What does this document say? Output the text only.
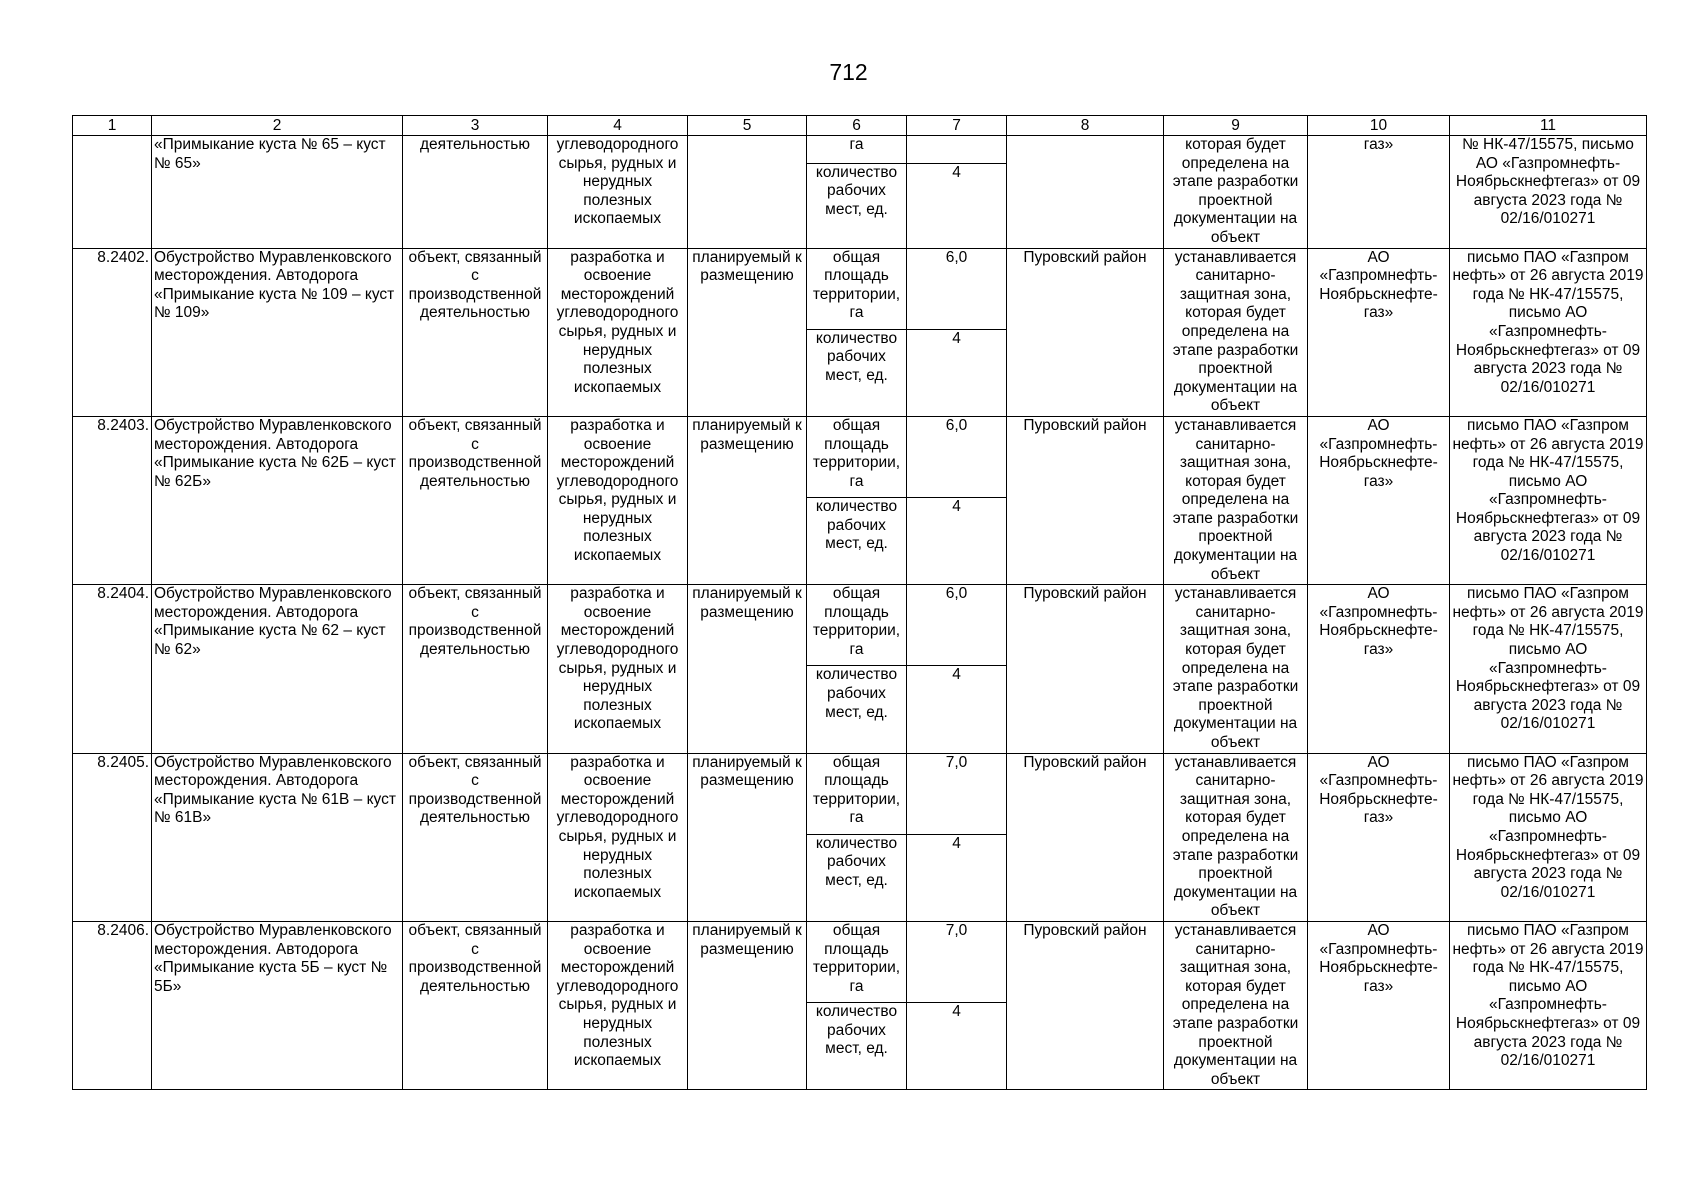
712
1	2	3	4	5	6	7	8	9	10	11
	«Примыкание куста № 65 – куст № 65»	деятельностью	углеводородного сырья, рудных и нерудных полезных ископаемых		га			которая будет определена на этапе разработки проектной документации на объект	газ»	№ НК-47/15575, письмо АО «Газпромнефть-Ноябрьскнефтегаз» от 09 августа 2023 года № 02/16/010271
					количество рабочих мест, ед.	4				
8.2402.	Обустройство Муравленковского месторождения. Автодорога «Примыкание куста № 109 – куст № 109»	объект, связанный с производственной деятельностью	разработка и освоение месторождений углеводородного сырья, рудных и нерудных полезных ископаемых	планируемый к размещению	общая площадь территории, га	6,0	Пуровский район	устанавливается санитарно-защитная зона, которая будет определена на этапе разработки проектной документации на объект	АО «Газпромнефть-Ноябрьскнефте-газ»	письмо ПАО «Газпром нефть» от 26 августа 2019 года № НК-47/15575, письмо АО «Газпромнефть-Ноябрьскнефтегаз» от 09 августа 2023 года № 02/16/010271
					количество рабочих мест, ед.	4				
8.2403.	Обустройство Муравленковского месторождения. Автодорога «Примыкание куста № 62Б – куст № 62Б»	объект, связанный с производственной деятельностью	разработка и освоение месторождений углеводородного сырья, рудных и нерудных полезных ископаемых	планируемый к размещению	общая площадь территории, га	6,0	Пуровский район	устанавливается санитарно-защитная зона, которая будет определена на этапе разработки проектной документации на объект	АО «Газпромнефть-Ноябрьскнефте-газ»	письмо ПАО «Газпром нефть» от 26 августа 2019 года № НК-47/15575, письмо АО «Газпромнефть-Ноябрьскнефтегаз» от 09 августа 2023 года № 02/16/010271
					количество рабочих мест, ед.	4				
8.2404.	Обустройство Муравленковского месторождения. Автодорога «Примыкание куста № 62 – куст № 62»	объект, связанный с производственной деятельностью	разработка и освоение месторождений углеводородного сырья, рудных и нерудных полезных ископаемых	планируемый к размещению	общая площадь территории, га	6,0	Пуровский район	устанавливается санитарно-защитная зона, которая будет определена на этапе разработки проектной документации на объект	АО «Газпромнефть-Ноябрьскнефте-газ»	письмо ПАО «Газпром нефть» от 26 августа 2019 года № НК-47/15575, письмо АО «Газпромнефть-Ноябрьскнефтегаз» от 09 августа 2023 года № 02/16/010271
					количество рабочих мест, ед.	4				
8.2405.	Обустройство Муравленковского месторождения. Автодорога «Примыкание куста № 61В – куст № 61В»	объект, связанный с производственной деятельностью	разработка и освоение месторождений углеводородного сырья, рудных и нерудных полезных ископаемых	планируемый к размещению	общая площадь территории, га	7,0	Пуровский район	устанавливается санитарно-защитная зона, которая будет определена на этапе разработки проектной документации на объект	АО «Газпромнефть-Ноябрьскнефте-газ»	письмо ПАО «Газпром нефть» от 26 августа 2019 года № НК-47/15575, письмо АО «Газпромнефть-Ноябрьскнефтегаз» от 09 августа 2023 года № 02/16/010271
					количество рабочих мест, ед.	4				
8.2406.	Обустройство Муравленковского месторождения. Автодорога «Примыкание куста 5Б – куст № 5Б»	объект, связанный с производственной деятельностью	разработка и освоение месторождений углеводородного сырья, рудных и нерудных полезных ископаемых	планируемый к размещению	общая площадь территории, га	7,0	Пуровский район	устанавливается санитарно-защитная зона, которая будет определена на этапе разработки проектной документации на объект	АО «Газпромнефть-Ноябрьскнефте-газ»	письмо ПАО «Газпром нефть» от 26 августа 2019 года № НК-47/15575, письмо АО «Газпромнефть-Ноябрьскнефтегаз» от 09 августа 2023 года № 02/16/010271
					количество рабочих мест, ед.	4				
